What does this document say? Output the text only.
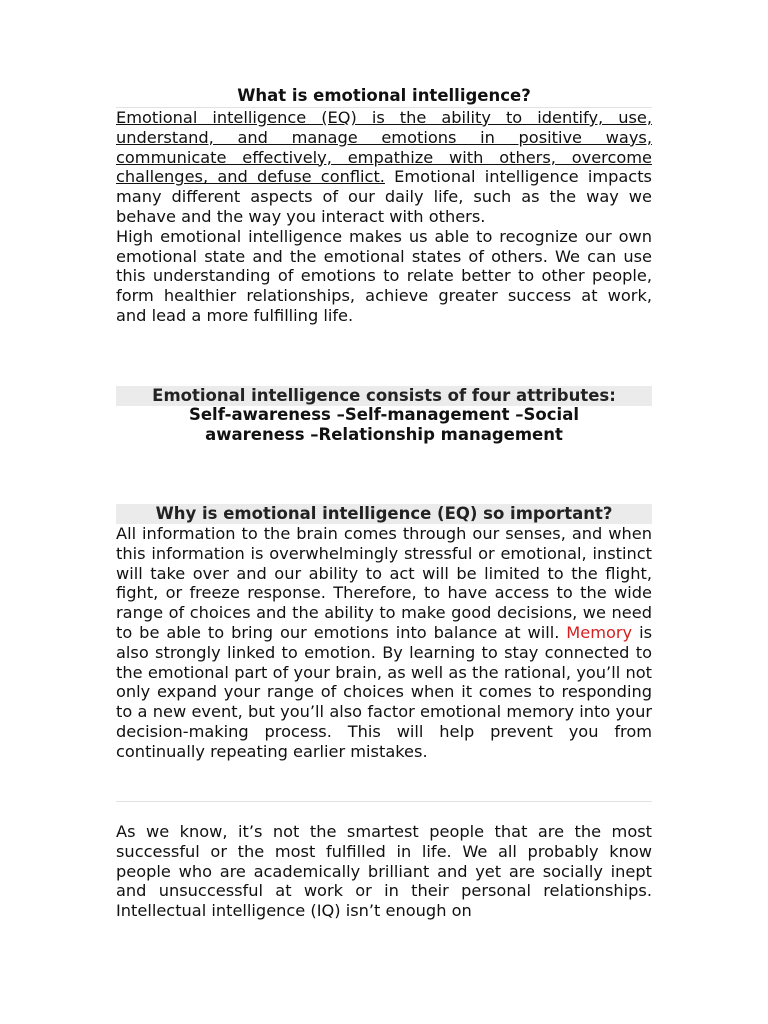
What is emotional intelligence?

Emotional intelligence (EQ) is the ability to identify, use, understand, and manage emotions in positive ways, communicate effectively, empathize with others, overcome challenges, and defuse conflict. Emotional intelligence impacts many different aspects of our daily life, such as the way we behave and the way you interact with others.

High emotional intelligence makes us able to recognize our own emotional state and the emotional states of others. We can use this understanding of emotions to relate better to other people, form healthier relationships, achieve greater success at work, and lead a more fulfilling life.

Emotional intelligence consists of four attributes:
Self-awareness –Self-management –Social awareness –Relationship management
Why is emotional intelligence (EQ) so important?

All information to the brain comes through our senses, and when this information is overwhelmingly stressful or emotional, instinct will take over and our ability to act will be limited to the flight, fight, or freeze response. Therefore, to have access to the wide range of choices and the ability to make good decisions, we need to be able to bring our emotions into balance at will. Memory is also strongly linked to emotion. By learning to stay connected to the emotional part of your brain, as well as the rational, you’ll not only expand your range of choices when it comes to responding to a new event, but you’ll also factor emotional memory into your decision-making process. This will help prevent you from continually repeating earlier mistakes.

As we know, it’s not the smartest people that are the most successful or the most fulfilled in life. We all probably know people who are academically brilliant and yet are socially inept and unsuccessful at work or in their personal relationships. Intellectual intelligence (IQ) isn’t enough on
